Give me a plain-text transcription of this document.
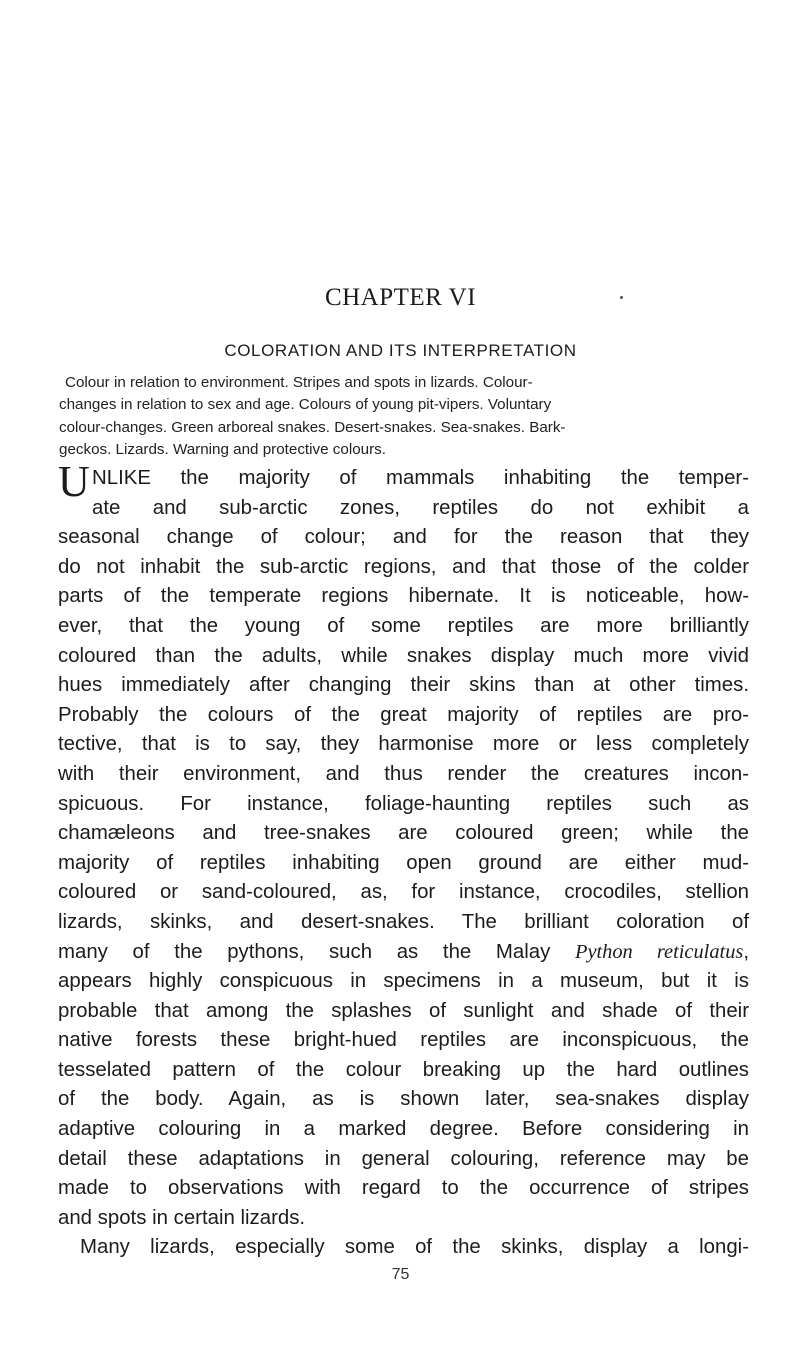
CHAPTER VI
COLORATION AND ITS INTERPRETATION
Colour in relation to environment. Stripes and spots in lizards. Colour-
changes in relation to sex and age. Colours of young pit-vipers. Voluntary
colour-changes. Green arboreal snakes. Desert-snakes. Sea-snakes. Bark-
geckos. Lizards. Warning and protective colours.
U NLIKE the majority of mammals inhabiting the temper-
ate and sub-arctic zones, reptiles do not exhibit a
seasonal change of colour; and for the reason that they
do not inhabit the sub-arctic regions, and that those of the colder
parts of the temperate regions hibernate. It is noticeable, how-
ever, that the young of some reptiles are more brilliantly
coloured than the adults, while snakes display much more vivid
hues immediately after changing their skins than at other times.
Probably the colours of the great majority of reptiles are pro-
tective, that is to say, they harmonise more or less completely
with their environment, and thus render the creatures incon-
spicuous. For instance, foliage-haunting reptiles such as
chamæleons and tree-snakes are coloured green; while the
majority of reptiles inhabiting open ground are either mud-
coloured or sand-coloured, as, for instance, crocodiles, stellion
lizards, skinks, and desert-snakes. The brilliant coloration of
many of the pythons, such as the Malay Python reticulatus,
appears highly conspicuous in specimens in a museum, but it is
probable that among the splashes of sunlight and shade of their
native forests these bright-hued reptiles are inconspicuous, the
tesselated pattern of the colour breaking up the hard outlines
of the body. Again, as is shown later, sea-snakes display
adaptive colouring in a marked degree. Before considering in
detail these adaptations in general colouring, reference may be
made to observations with regard to the occurrence of stripes
and spots in certain lizards.
Many lizards, especially some of the skinks, display a longi-
75
